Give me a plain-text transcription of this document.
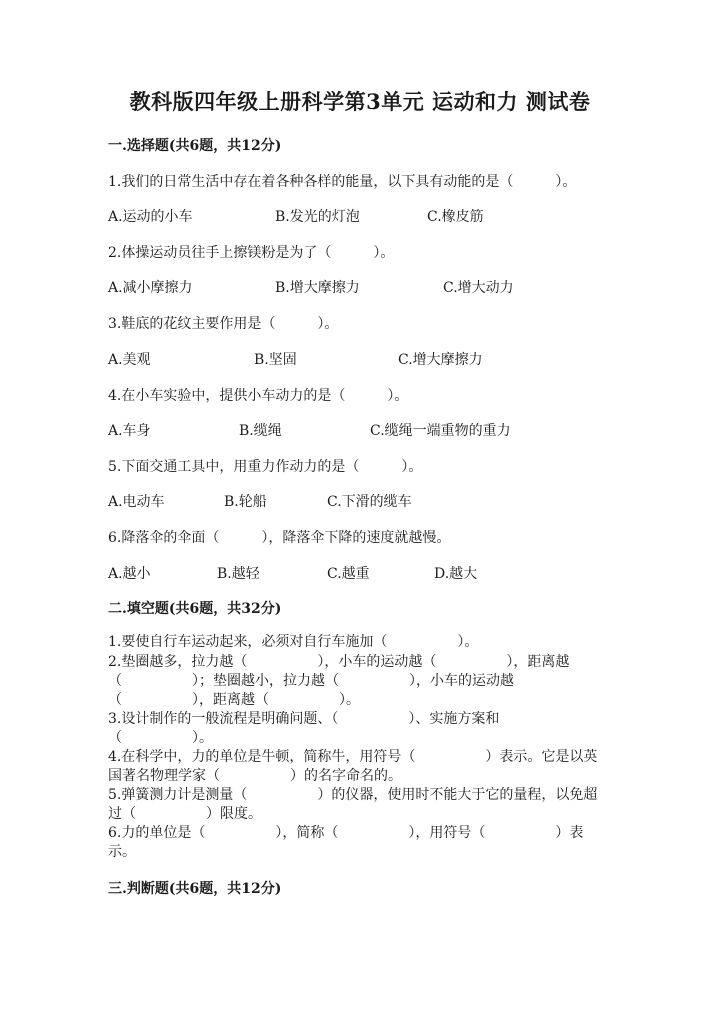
教科版四年级上册科学第3单元 运动和力 测试卷
一.选择题(共6题，共12分)
1.我们的日常生活中存在着各种各样的能量，以下具有动能的是（　　　）。
A.运动的小车	B.发光的灯泡	C.橡皮筋
2.体操运动员往手上擦镁粉是为了（　　　）。
A.减小摩擦力	B.增大摩擦力	C.增大动力
3.鞋底的花纹主要作用是（　　　）。
A.美观	B.坚固	C.增大摩擦力
4.在小车实验中，提供小车动力的是（　　　）。
A.车身	B.缆绳	C.缆绳一端重物的重力
5.下面交通工具中，用重力作动力的是（　　　）。
A.电动车	B.轮船	C.下滑的缆车
6.降落伞的伞面（　　　），降落伞下降的速度就越慢。
A.越小	B.越轻	C.越重	D.越大
二.填空题(共6题，共32分)
1.要使自行车运动起来，必须对自行车施加（　　　　　）。
2.垫圈越多，拉力越（　　　　　），小车的运动越（　　　　　），距离越
（　　　　　）；垫圈越小，拉力越（　　　　　），小车的运动越
（　　　　　），距离越（　　　　　）。
3.设计制作的一般流程是明确问题、（　　　　　）、实施方案和
（　　　　　）。
4.在科学中，力的单位是牛顿，简称牛，用符号（　　　　　）表示。它是以英
国著名物理学家（　　　　　）的名字命名的。
5.弹簧测力计是测量（　　　　　）的仪器，使用时不能大于它的量程，以免超
过（　　　　　）限度。
6.力的单位是（　　　　　），简称（　　　　　），用符号（　　　　　）表
示。
三.判断题(共6题，共12分)
